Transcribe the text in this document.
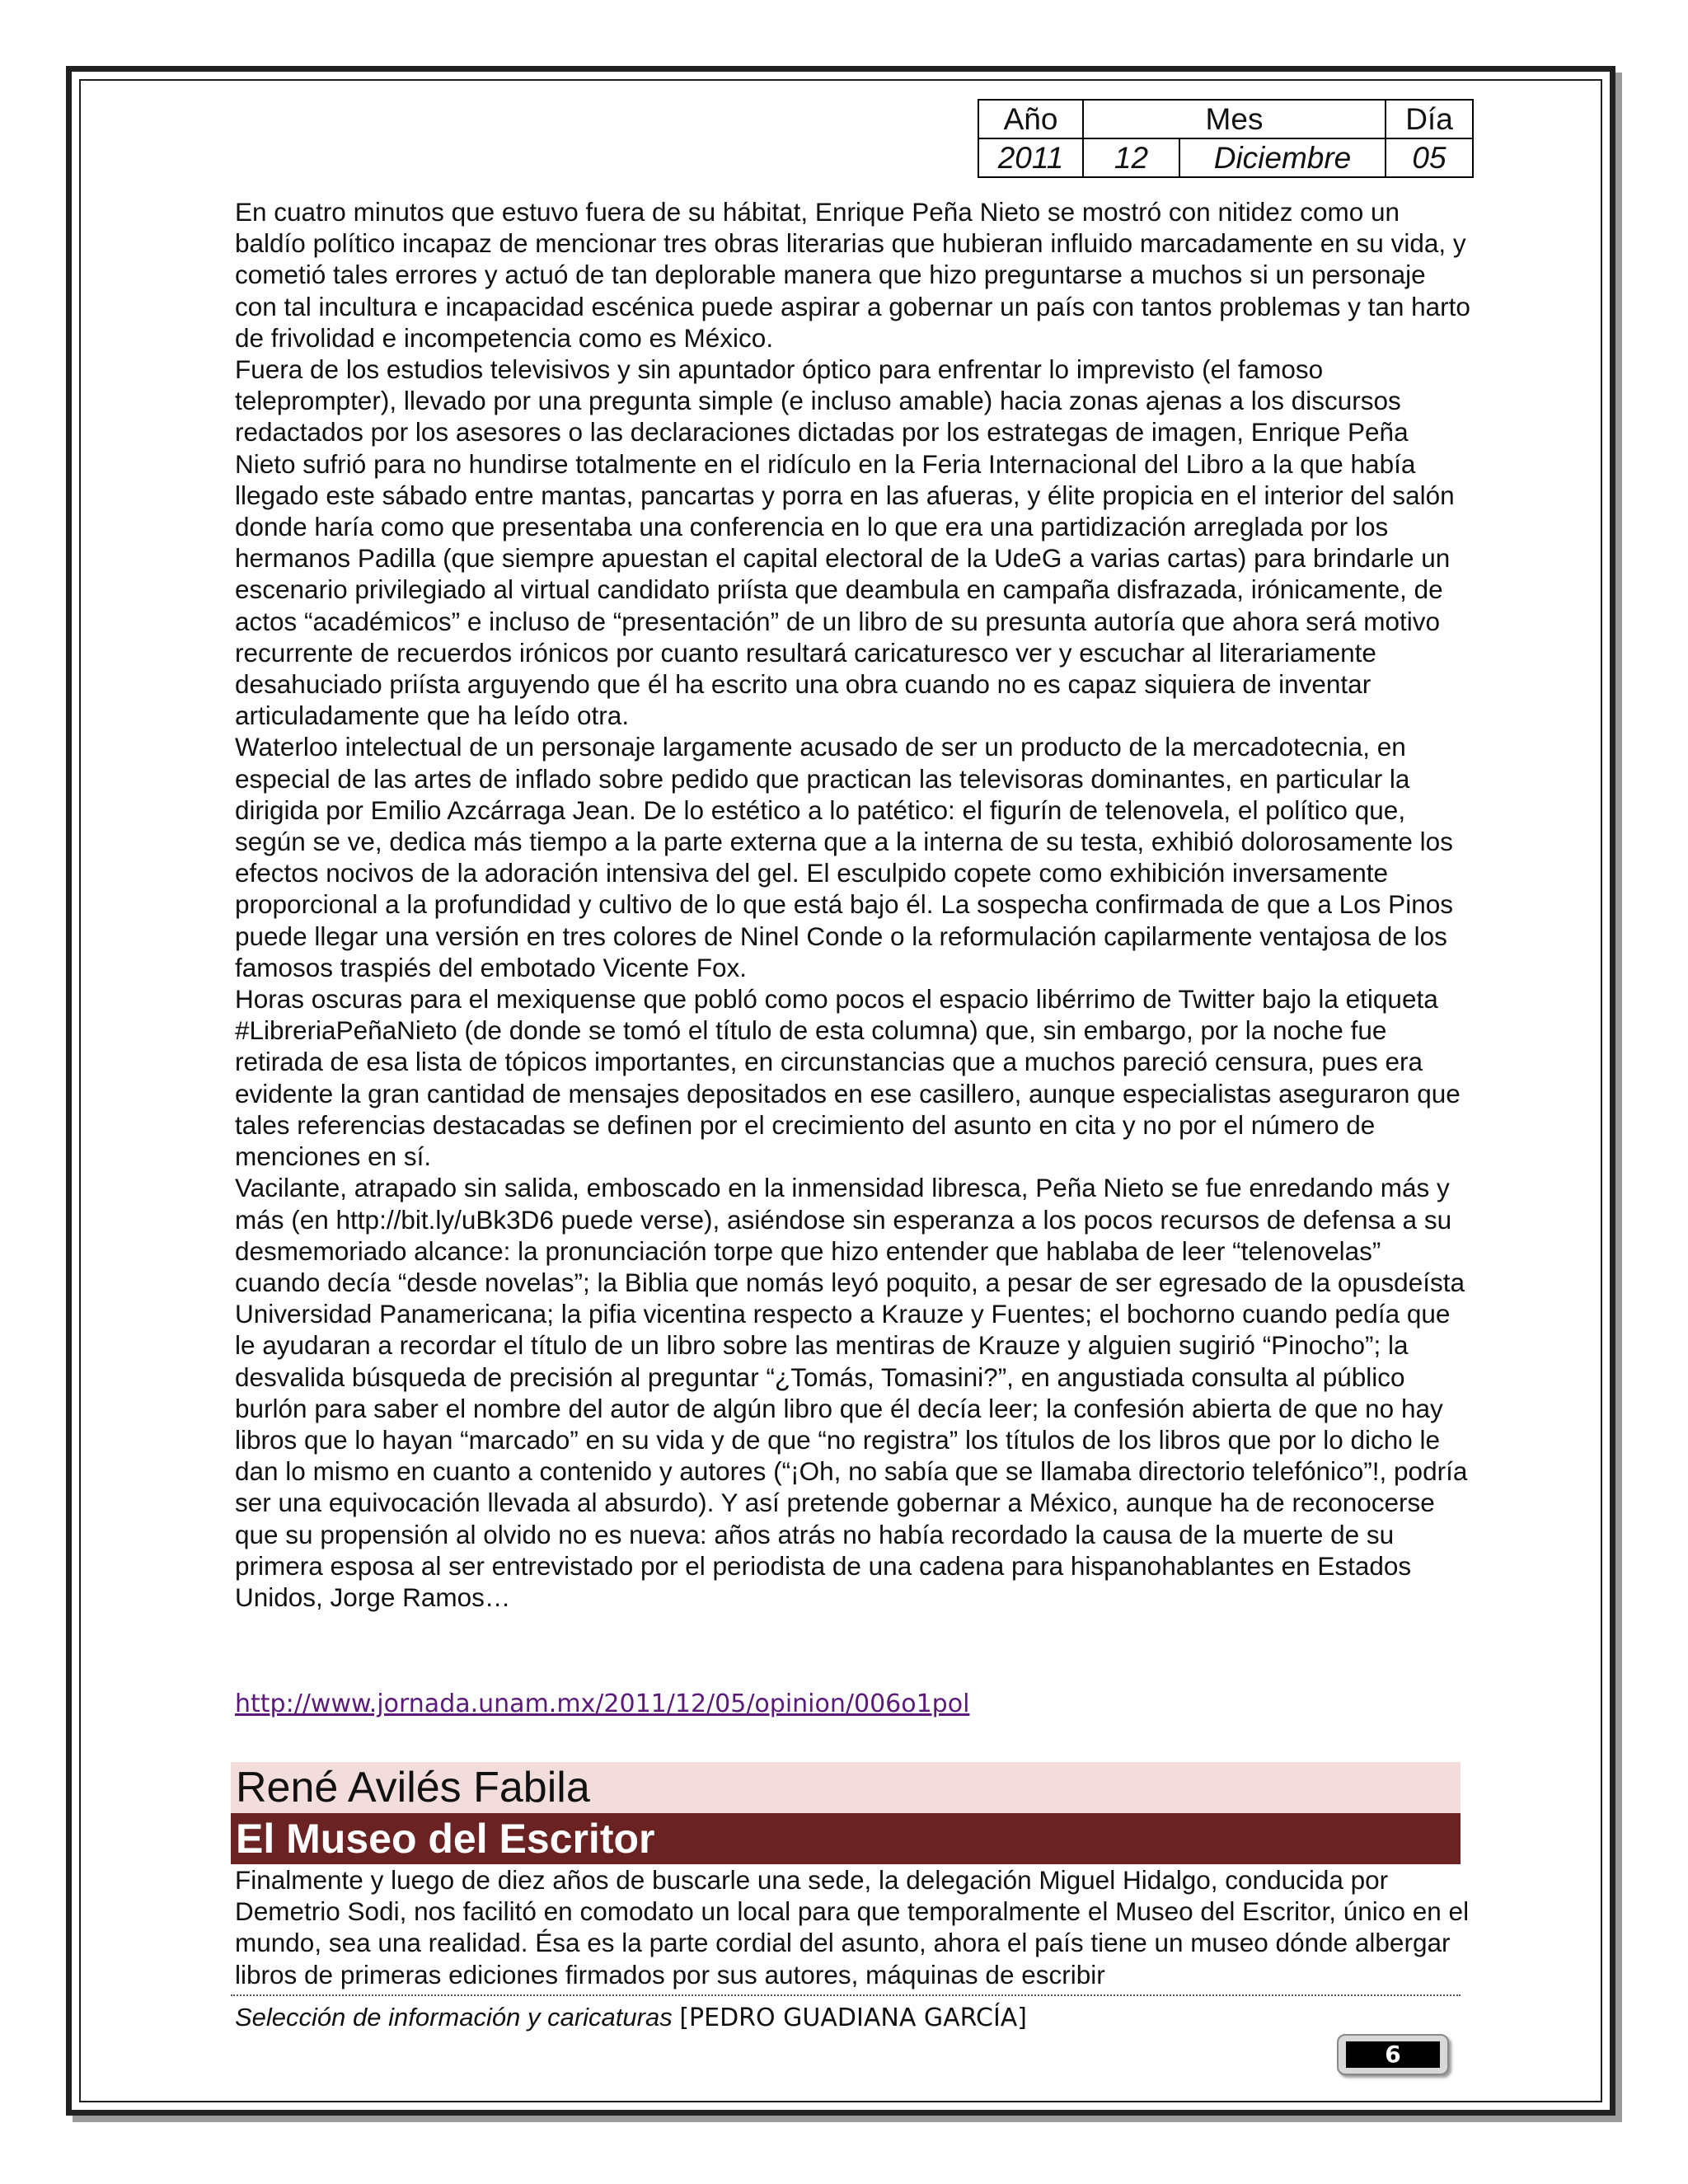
Año	Mes		Día
2011	12	Diciembre	05

En cuatro minutos que estuvo fuera de su hábitat, Enrique Peña Nieto se mostró con nitidez como un baldío político incapaz de mencionar tres obras literarias que hubieran influido marcadamente en su vida, y cometió tales errores y actuó de tan deplorable manera que hizo preguntarse a muchos si un personaje con tal incultura e incapacidad escénica puede aspirar a gobernar un país con tantos problemas y tan harto de frivolidad e incompetencia como es México.

Fuera de los estudios televisivos y sin apuntador óptico para enfrentar lo imprevisto (el famoso teleprompter), llevado por una pregunta simple (e incluso amable) hacia zonas ajenas a los discursos redactados por los asesores o las declaraciones dictadas por los estrategas de imagen, Enrique Peña Nieto sufrió para no hundirse totalmente en el ridículo en la Feria Internacional del Libro a la que había llegado este sábado entre mantas, pancartas y porra en las afueras, y élite propicia en el interior del salón donde haría como que presentaba una conferencia en lo que era una partidización arreglada por los hermanos Padilla (que siempre apuestan el capital electoral de la UdeG a varias cartas) para brindarle un escenario privilegiado al virtual candidato priísta que deambula en campaña disfrazada, irónicamente, de actos “académicos” e incluso de “presentación” de un libro de su presunta autoría que ahora será motivo recurrente de recuerdos irónicos por cuanto resultará caricaturesco ver y escuchar al literariamente desahuciado priísta arguyendo que él ha escrito una obra cuando no es capaz siquiera de inventar articuladamente que ha leído otra.

Waterloo intelectual de un personaje largamente acusado de ser un producto de la mercadotecnia, en especial de las artes de inflado sobre pedido que practican las televisoras dominantes, en particular la dirigida por Emilio Azcárraga Jean. De lo estético a lo patético: el figurín de telenovela, el político que, según se ve, dedica más tiempo a la parte externa que a la interna de su testa, exhibió dolorosamente los efectos nocivos de la adoración intensiva del gel. El esculpido copete como exhibición inversamente proporcional a la profundidad y cultivo de lo que está bajo él. La sospecha confirmada de que a Los Pinos puede llegar una versión en tres colores de Ninel Conde o la reformulación capilarmente ventajosa de los famosos traspiés del embotado Vicente Fox.

Horas oscuras para el mexiquense que pobló como pocos el espacio libérrimo de Twitter bajo la etiqueta #LibreriaPeñaNieto (de donde se tomó el título de esta columna) que, sin embargo, por la noche fue retirada de esa lista de tópicos importantes, en circunstancias que a muchos pareció censura, pues era evidente la gran cantidad de mensajes depositados en ese casillero, aunque especialistas aseguraron que tales referencias destacadas se definen por el crecimiento del asunto en cita y no por el número de menciones en sí.

Vacilante, atrapado sin salida, emboscado en la inmensidad libresca, Peña Nieto se fue enredando más y más (en http://bit.ly/uBk3D6 puede verse), asiéndose sin esperanza a los pocos recursos de defensa a su desmemoriado alcance: la pronunciación torpe que hizo entender que hablaba de leer “telenovelas” cuando decía “desde novelas”; la Biblia que nomás leyó poquito, a pesar de ser egresado de la opusdeísta Universidad Panamericana; la pifia vicentina respecto a Krauze y Fuentes; el bochorno cuando pedía que le ayudaran a recordar el título de un libro sobre las mentiras de Krauze y alguien sugirió “Pinocho”; la desvalida búsqueda de precisión al preguntar “¿Tomás, Tomasini?”, en angustiada consulta al público burlón para saber el nombre del autor de algún libro que él decía leer; la confesión abierta de que no hay libros que lo hayan “marcado” en su vida y de que “no registra” los títulos de los libros que por lo dicho le dan lo mismo en cuanto a contenido y autores (“¡Oh, no sabía que se llamaba directorio telefónico”!, podría ser una equivocación llevada al absurdo). Y así pretende gobernar a México, aunque ha de reconocerse que su propensión al olvido no es nueva: años atrás no había recordado la causa de la muerte de su primera esposa al ser entrevistado por el periodista de una cadena para hispanohablantes en Estados Unidos, Jorge Ramos…

http://www.jornada.unam.mx/2011/12/05/opinion/006o1pol
René Avilés Fabila
El Museo del Escritor

Finalmente y luego de diez años de buscarle una sede, la delegación Miguel Hidalgo, conducida por Demetrio Sodi, nos facilitó en comodato un local para que temporalmente el Museo del Escritor, único en el mundo, sea una realidad. Ésa es la parte cordial del asunto, ahora el país tiene un museo dónde albergar libros de primeras ediciones firmados por sus autores, máquinas de escribir

Selección de información y caricaturas [PEDRO GUADIANA GARCÍA]
6
